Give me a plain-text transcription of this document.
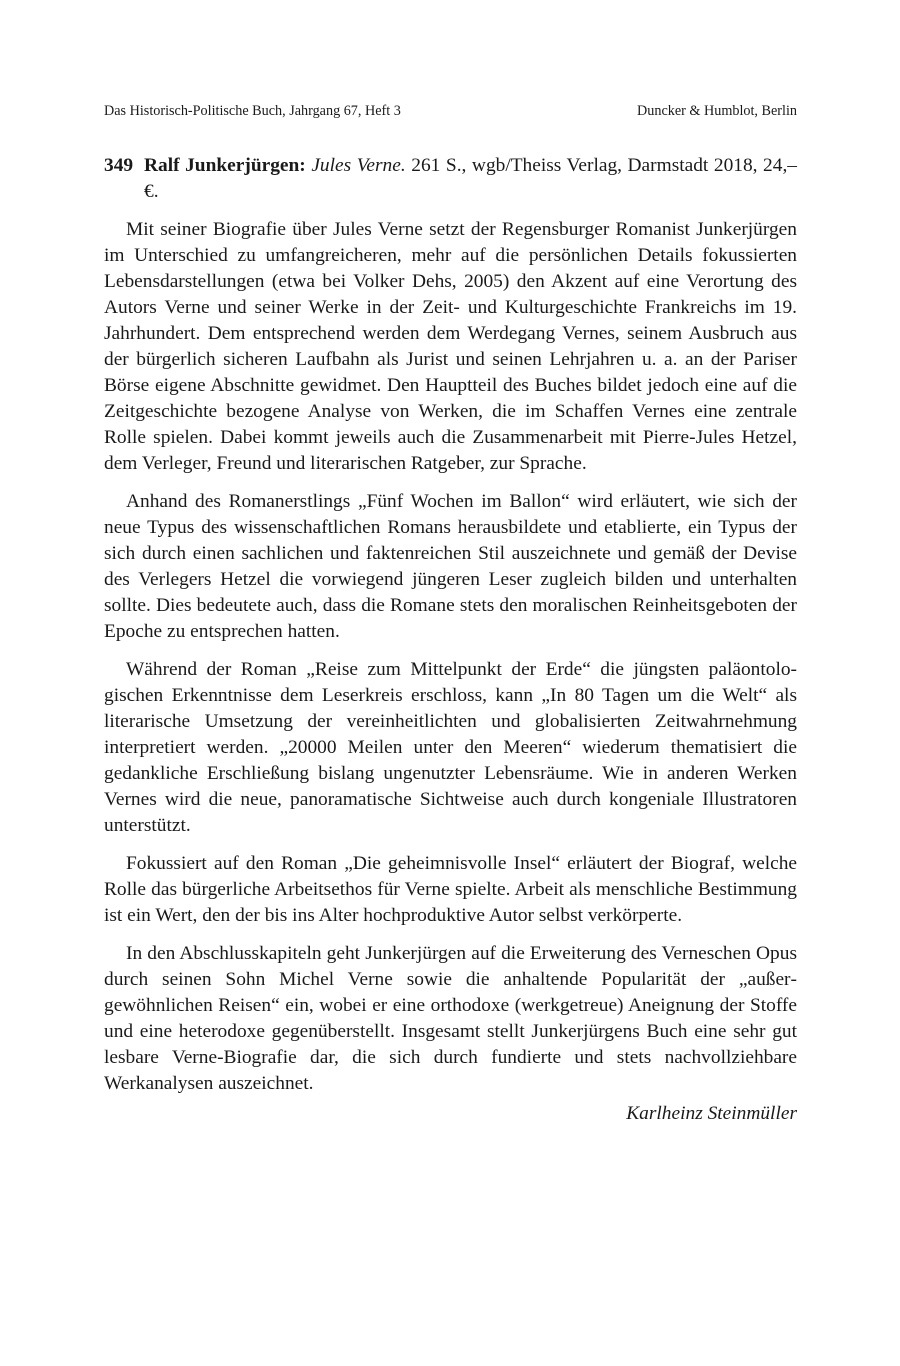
Das Historisch-Politische Buch, Jahrgang 67, Heft 3	Duncker & Humblot, Berlin

349 Ralf Junkerjürgen: Jules Verne. 261 S., wgb/Theiss Verlag, Darmstadt 2018, 24,– €.

Mit seiner Biografie über Jules Verne setzt der Regensburger Romanist Junkerjürgen im Unterschied zu umfangreicheren, mehr auf die persönlichen Details fokussierten Lebensdarstellungen (etwa bei Volker Dehs, 2005) den Akzent auf eine Verortung des Autors Verne und seiner Werke in der Zeit- und Kulturgeschichte Frankreichs im 19. Jahrhundert. Dem entsprechend werden dem Werdegang Vernes, seinem Ausbruch aus der bürgerlich sicheren Laufbahn als Jurist und seinen Lehrjahren u. a. an der Pariser Börse eigene Abschnitte gewidmet. Den Hauptteil des Buches bildet jedoch eine auf die Zeitgeschichte bezogene Analyse von Werken, die im Schaffen Vernes eine zentrale Rolle spielen. Dabei kommt jeweils auch die Zusammenarbeit mit Pierre-Jules Hetzel, dem Verleger, Freund und literarischen Ratgeber, zur Sprache.

Anhand des Romanerstlings „Fünf Wochen im Ballon“ wird erläutert, wie sich der neue Typus des wissenschaftlichen Romans herausbildete und etablierte, ein Typus der sich durch einen sachlichen und faktenreichen Stil auszeichnete und gemäß der Devise des Verlegers Hetzel die vorwiegend jüngeren Leser zugleich bilden und unterhalten sollte. Dies bedeutete auch, dass die Romane stets den moralischen Reinheitsgeboten der Epoche zu entsprechen hatten.

Während der Roman „Reise zum Mittelpunkt der Erde“ die jüngsten paläontologischen Erkenntnisse dem Leserkreis erschloss, kann „In 80 Tagen um die Welt“ als literarische Umsetzung der vereinheitlichten und globalisierten Zeitwahrnehmung interpretiert werden. „20000 Meilen unter den Meeren“ wiederum thematisiert die gedankliche Erschließung bislang ungenutzter Lebensräume. Wie in anderen Werken Vernes wird die neue, panoramatische Sichtweise auch durch kongeniale Illustratoren unterstützt.

Fokussiert auf den Roman „Die geheimnisvolle Insel“ erläutert der Biograf, welche Rolle das bürgerliche Arbeitsethos für Verne spielte. Arbeit als menschliche Bestimmung ist ein Wert, den der bis ins Alter hochproduktive Autor selbst verkörperte.

In den Abschlusskapiteln geht Junkerjürgen auf die Erweiterung des Verneschen Opus durch seinen Sohn Michel Verne sowie die anhaltende Popularität der „außergewöhnlichen Reisen“ ein, wobei er eine orthodoxe (werkgetreue) Aneignung der Stoffe und eine heterodoxe gegenüberstellt. Insgesamt stellt Junkerjürgens Buch eine sehr gut lesbare Verne-Biografie dar, die sich durch fundierte und stets nachvollziehbare Werkanalysen auszeichnet.

Karlheinz Steinmüller
